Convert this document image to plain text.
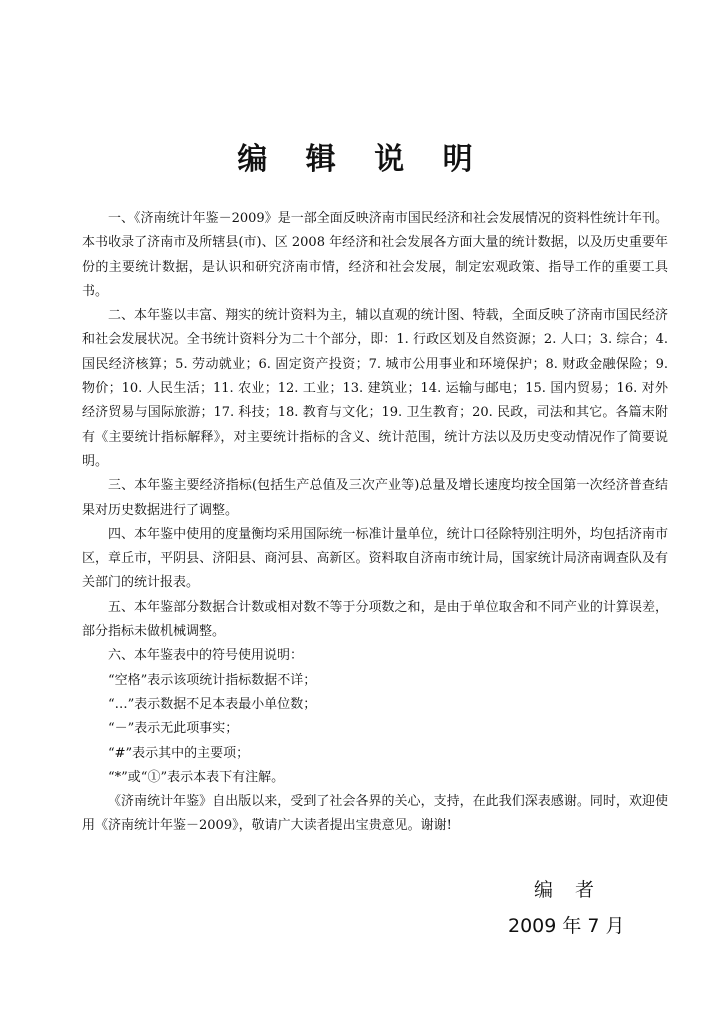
编 辑 说 明

一、《济南统计年鉴－2009》是一部全面反映济南市国民经济和社会发展情况的资料性统计年刊。本书收录了济南市及所辖县(市)、区 2008 年经济和社会发展各方面大量的统计数据，以及历史重要年份的主要统计数据，是认识和研究济南市情，经济和社会发展，制定宏观政策、指导工作的重要工具书。

二、本年鉴以丰富、翔实的统计资料为主，辅以直观的统计图、特载，全面反映了济南市国民经济和社会发展状况。全书统计资料分为二十个部分，即：1. 行政区划及自然资源；2. 人口；3. 综合；4. 国民经济核算；5. 劳动就业；6. 固定资产投资；7. 城市公用事业和环境保护；8. 财政金融保险；9. 物价；10. 人民生活；11. 农业；12. 工业；13. 建筑业；14. 运输与邮电；15. 国内贸易；16. 对外经济贸易与国际旅游；17. 科技；18. 教育与文化；19. 卫生教育；20. 民政，司法和其它。各篇末附有《主要统计指标解释》，对主要统计指标的含义、统计范围，统计方法以及历史变动情况作了简要说明。

三、本年鉴主要经济指标(包括生产总值及三次产业等)总量及增长速度均按全国第一次经济普查结果对历史数据进行了调整。

四、本年鉴中使用的度量衡均采用国际统一标准计量单位，统计口径除特别注明外，均包括济南市区，章丘市，平阴县、济阳县、商河县、高新区。资料取自济南市统计局，国家统计局济南调查队及有关部门的统计报表。

五、本年鉴部分数据合计数或相对数不等于分项数之和，是由于单位取舍和不同产业的计算误差，部分指标未做机械调整。

六、本年鉴表中的符号使用说明：

“空格”表示该项统计指标数据不详；

“…”表示数据不足本表最小单位数；

“－”表示无此项事实；

“#”表示其中的主要项；

“*”或“①”表示本表下有注解。

《济南统计年鉴》自出版以来，受到了社会各界的关心，支持，在此我们深表感谢。同时，欢迎使用《济南统计年鉴－2009》，敬请广大读者提出宝贵意见。谢谢!

编者
2009 年 7 月
